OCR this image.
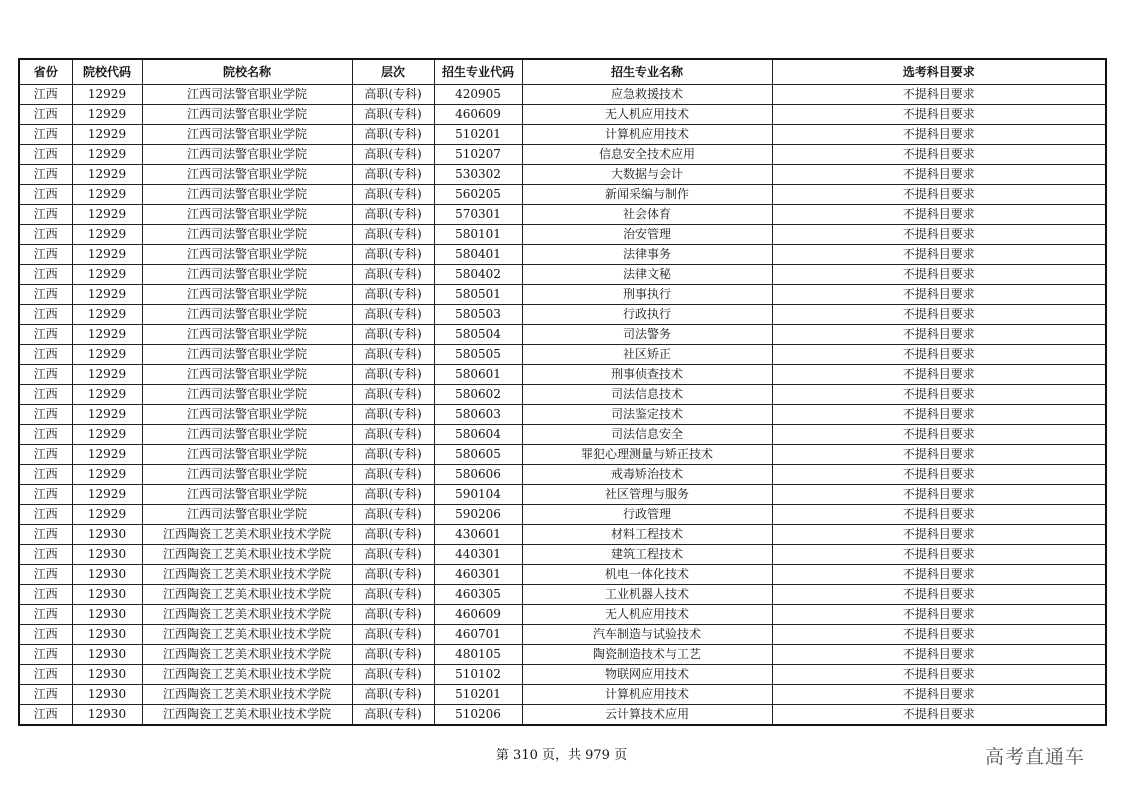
省份	院校代码	院校名称	层次	招生专业代码	招生专业名称	选考科目要求
江西	12929	江西司法警官职业学院	高职(专科)	420905	应急救援技术	不提科目要求
江西	12929	江西司法警官职业学院	高职(专科)	460609	无人机应用技术	不提科目要求
江西	12929	江西司法警官职业学院	高职(专科)	510201	计算机应用技术	不提科目要求
江西	12929	江西司法警官职业学院	高职(专科)	510207	信息安全技术应用	不提科目要求
江西	12929	江西司法警官职业学院	高职(专科)	530302	大数据与会计	不提科目要求
江西	12929	江西司法警官职业学院	高职(专科)	560205	新闻采编与制作	不提科目要求
江西	12929	江西司法警官职业学院	高职(专科)	570301	社会体育	不提科目要求
江西	12929	江西司法警官职业学院	高职(专科)	580101	治安管理	不提科目要求
江西	12929	江西司法警官职业学院	高职(专科)	580401	法律事务	不提科目要求
江西	12929	江西司法警官职业学院	高职(专科)	580402	法律文秘	不提科目要求
江西	12929	江西司法警官职业学院	高职(专科)	580501	刑事执行	不提科目要求
江西	12929	江西司法警官职业学院	高职(专科)	580503	行政执行	不提科目要求
江西	12929	江西司法警官职业学院	高职(专科)	580504	司法警务	不提科目要求
江西	12929	江西司法警官职业学院	高职(专科)	580505	社区矫正	不提科目要求
江西	12929	江西司法警官职业学院	高职(专科)	580601	刑事侦查技术	不提科目要求
江西	12929	江西司法警官职业学院	高职(专科)	580602	司法信息技术	不提科目要求
江西	12929	江西司法警官职业学院	高职(专科)	580603	司法鉴定技术	不提科目要求
江西	12929	江西司法警官职业学院	高职(专科)	580604	司法信息安全	不提科目要求
江西	12929	江西司法警官职业学院	高职(专科)	580605	罪犯心理测量与矫正技术	不提科目要求
江西	12929	江西司法警官职业学院	高职(专科)	580606	戒毒矫治技术	不提科目要求
江西	12929	江西司法警官职业学院	高职(专科)	590104	社区管理与服务	不提科目要求
江西	12929	江西司法警官职业学院	高职(专科)	590206	行政管理	不提科目要求
江西	12930	江西陶瓷工艺美术职业技术学院	高职(专科)	430601	材料工程技术	不提科目要求
江西	12930	江西陶瓷工艺美术职业技术学院	高职(专科)	440301	建筑工程技术	不提科目要求
江西	12930	江西陶瓷工艺美术职业技术学院	高职(专科)	460301	机电一体化技术	不提科目要求
江西	12930	江西陶瓷工艺美术职业技术学院	高职(专科)	460305	工业机器人技术	不提科目要求
江西	12930	江西陶瓷工艺美术职业技术学院	高职(专科)	460609	无人机应用技术	不提科目要求
江西	12930	江西陶瓷工艺美术职业技术学院	高职(专科)	460701	汽车制造与试验技术	不提科目要求
江西	12930	江西陶瓷工艺美术职业技术学院	高职(专科)	480105	陶瓷制造技术与工艺	不提科目要求
江西	12930	江西陶瓷工艺美术职业技术学院	高职(专科)	510102	物联网应用技术	不提科目要求
江西	12930	江西陶瓷工艺美术职业技术学院	高职(专科)	510201	计算机应用技术	不提科目要求
江西	12930	江西陶瓷工艺美术职业技术学院	高职(专科)	510206	云计算技术应用	不提科目要求
第 310 页，共 979 页	高考直通车
